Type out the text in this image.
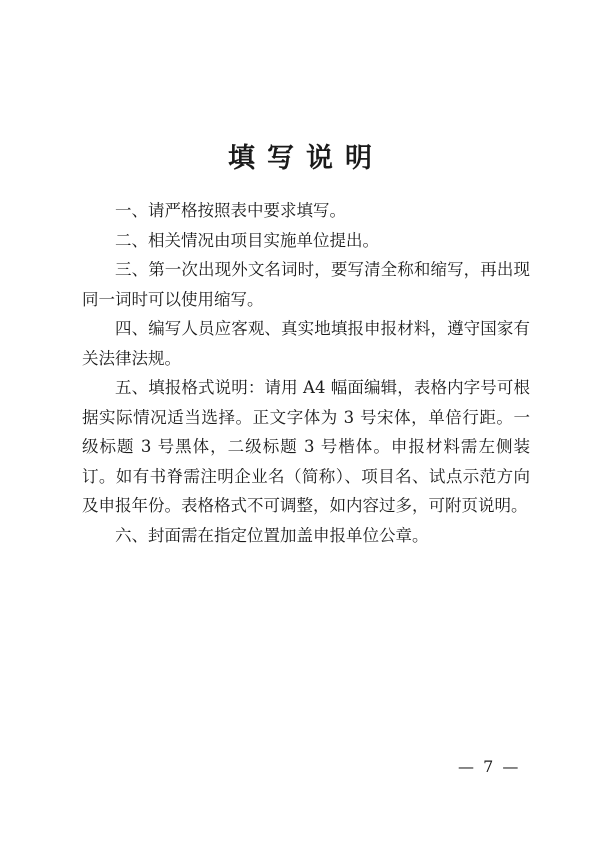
填写说明

一、请严格按照表中要求填写。

二、相关情况由项目实施单位提出。

三、第一次出现外文名词时，要写清全称和缩写，再出现同一词时可以使用缩写。

四、编写人员应客观、真实地填报申报材料，遵守国家有关法律法规。

五、填报格式说明：请用 A4 幅面编辑，表格内字号可根据实际情况适当选择。正文字体为 3 号宋体，单倍行距。一级标题 3 号黑体，二级标题 3 号楷体。申报材料需左侧装订。如有书脊需注明企业名（简称）、项目名、试点示范方向及申报年份。表格格式不可调整，如内容过多，可附页说明。

六、封面需在指定位置加盖申报单位公章。

— 7 —
